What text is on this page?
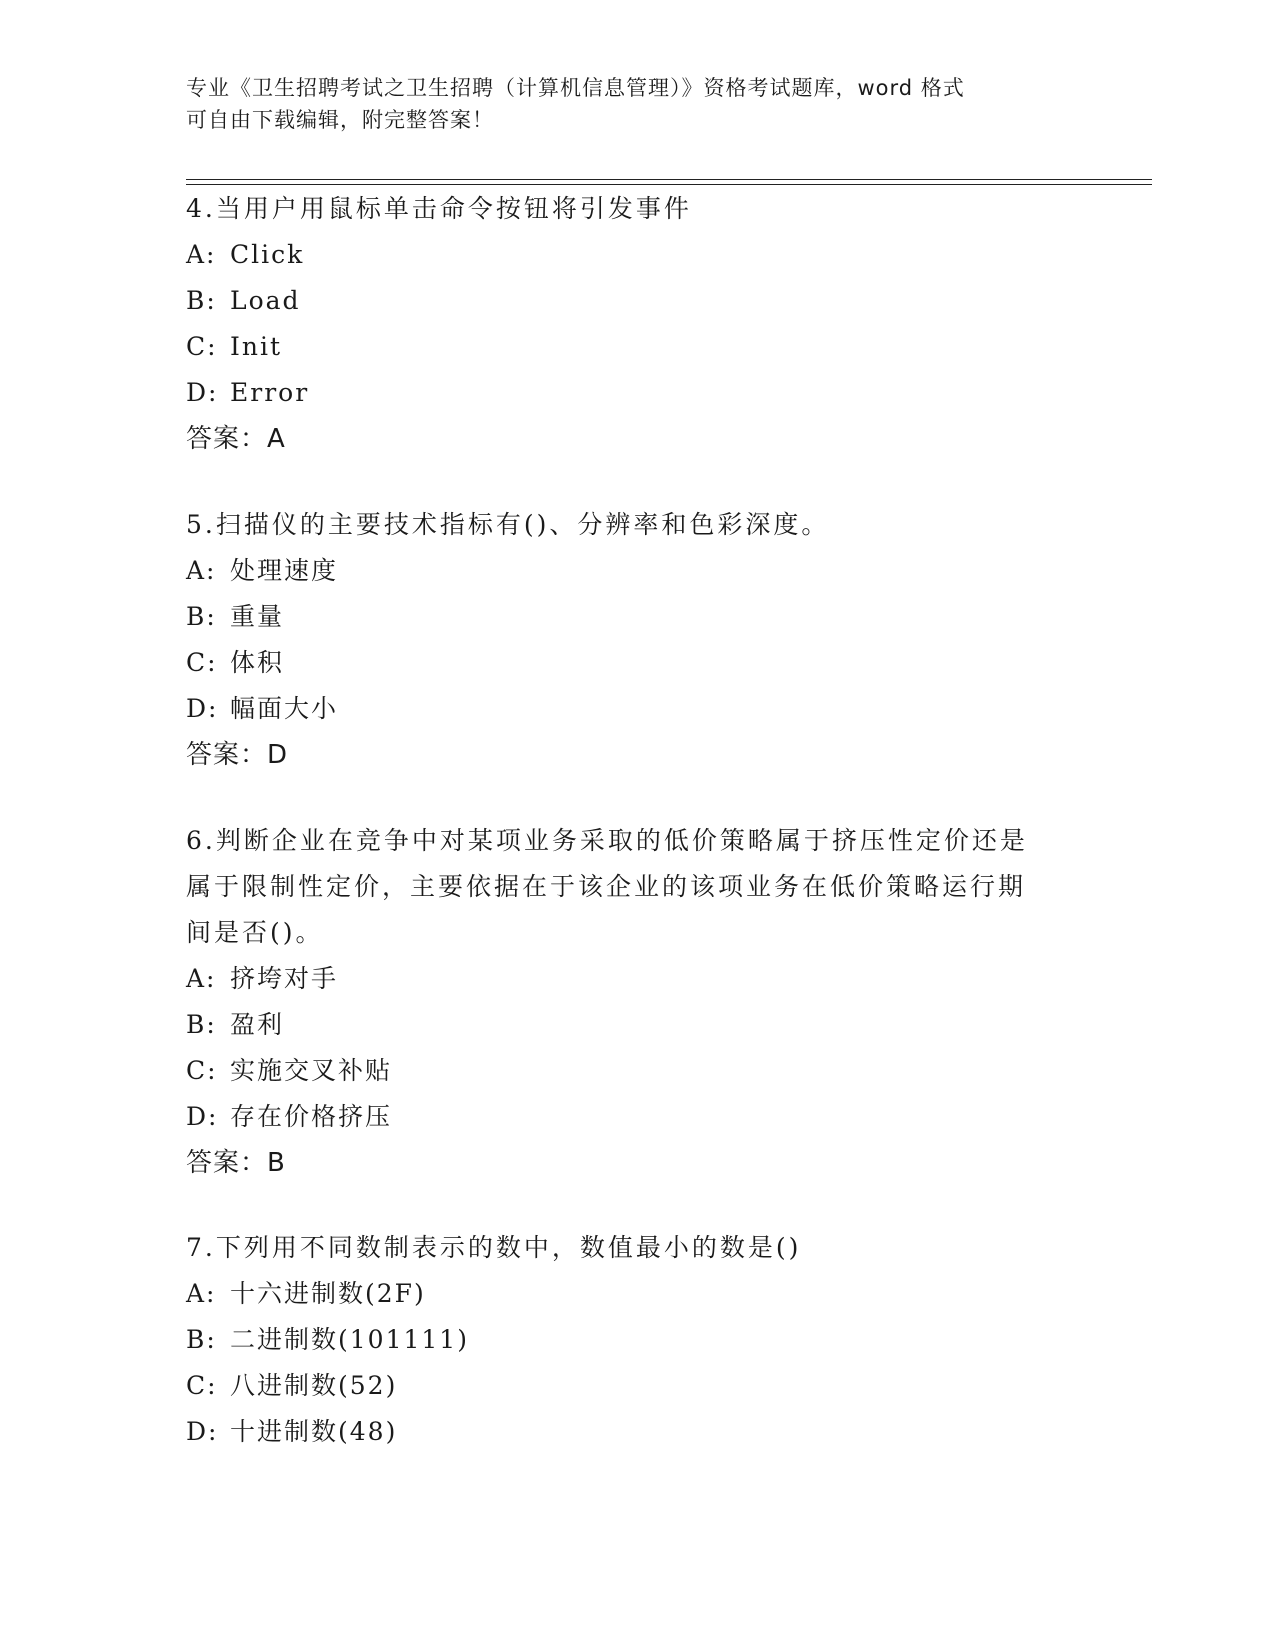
专业《卫生招聘考试之卫生招聘（计算机信息管理）》资格考试题库，word 格式
可自由下载编辑，附完整答案！

4.当用户用鼠标单击命令按钮将引发事件

A: Click

B: Load

C: Init

D: Error

答案：A

5.扫描仪的主要技术指标有()、分辨率和色彩深度。

A: 处理速度

B: 重量

C: 体积

D: 幅面大小

答案：D

6.判断企业在竞争中对某项业务采取的低价策略属于挤压性定价还是属于限制性定价，主要依据在于该企业的该项业务在低价策略运行期间是否()。

A: 挤垮对手

B: 盈利

C: 实施交叉补贴

D: 存在价格挤压

答案：B

7.下列用不同数制表示的数中，数值最小的数是()

A: 十六进制数(2F)

B: 二进制数(101111)

C: 八进制数(52)

D: 十进制数(48)
